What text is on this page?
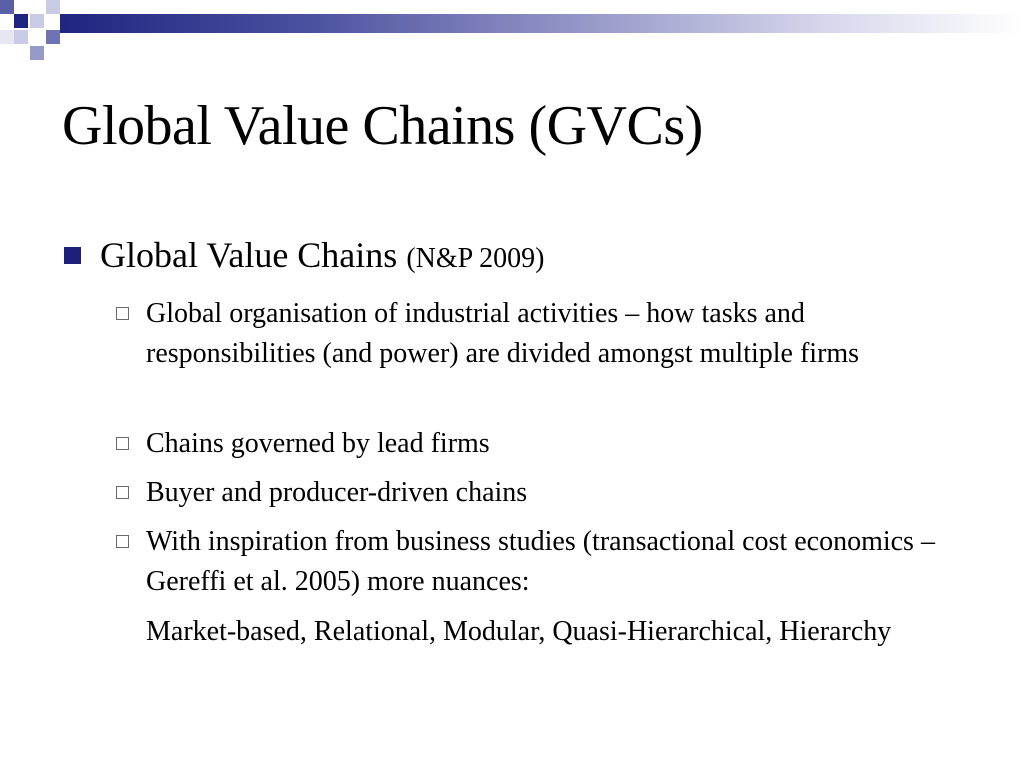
Global Value Chains (GVCs)
Global Value Chains (N&P 2009)
Global organisation of industrial activities – how tasks and responsibilities (and power) are divided amongst multiple firms
Chains governed by lead firms
Buyer and producer-driven chains
With inspiration from business studies (transactional cost economics – Gereffi et al. 2005) more nuances:
Market-based, Relational, Modular, Quasi-Hierarchical, Hierarchy
